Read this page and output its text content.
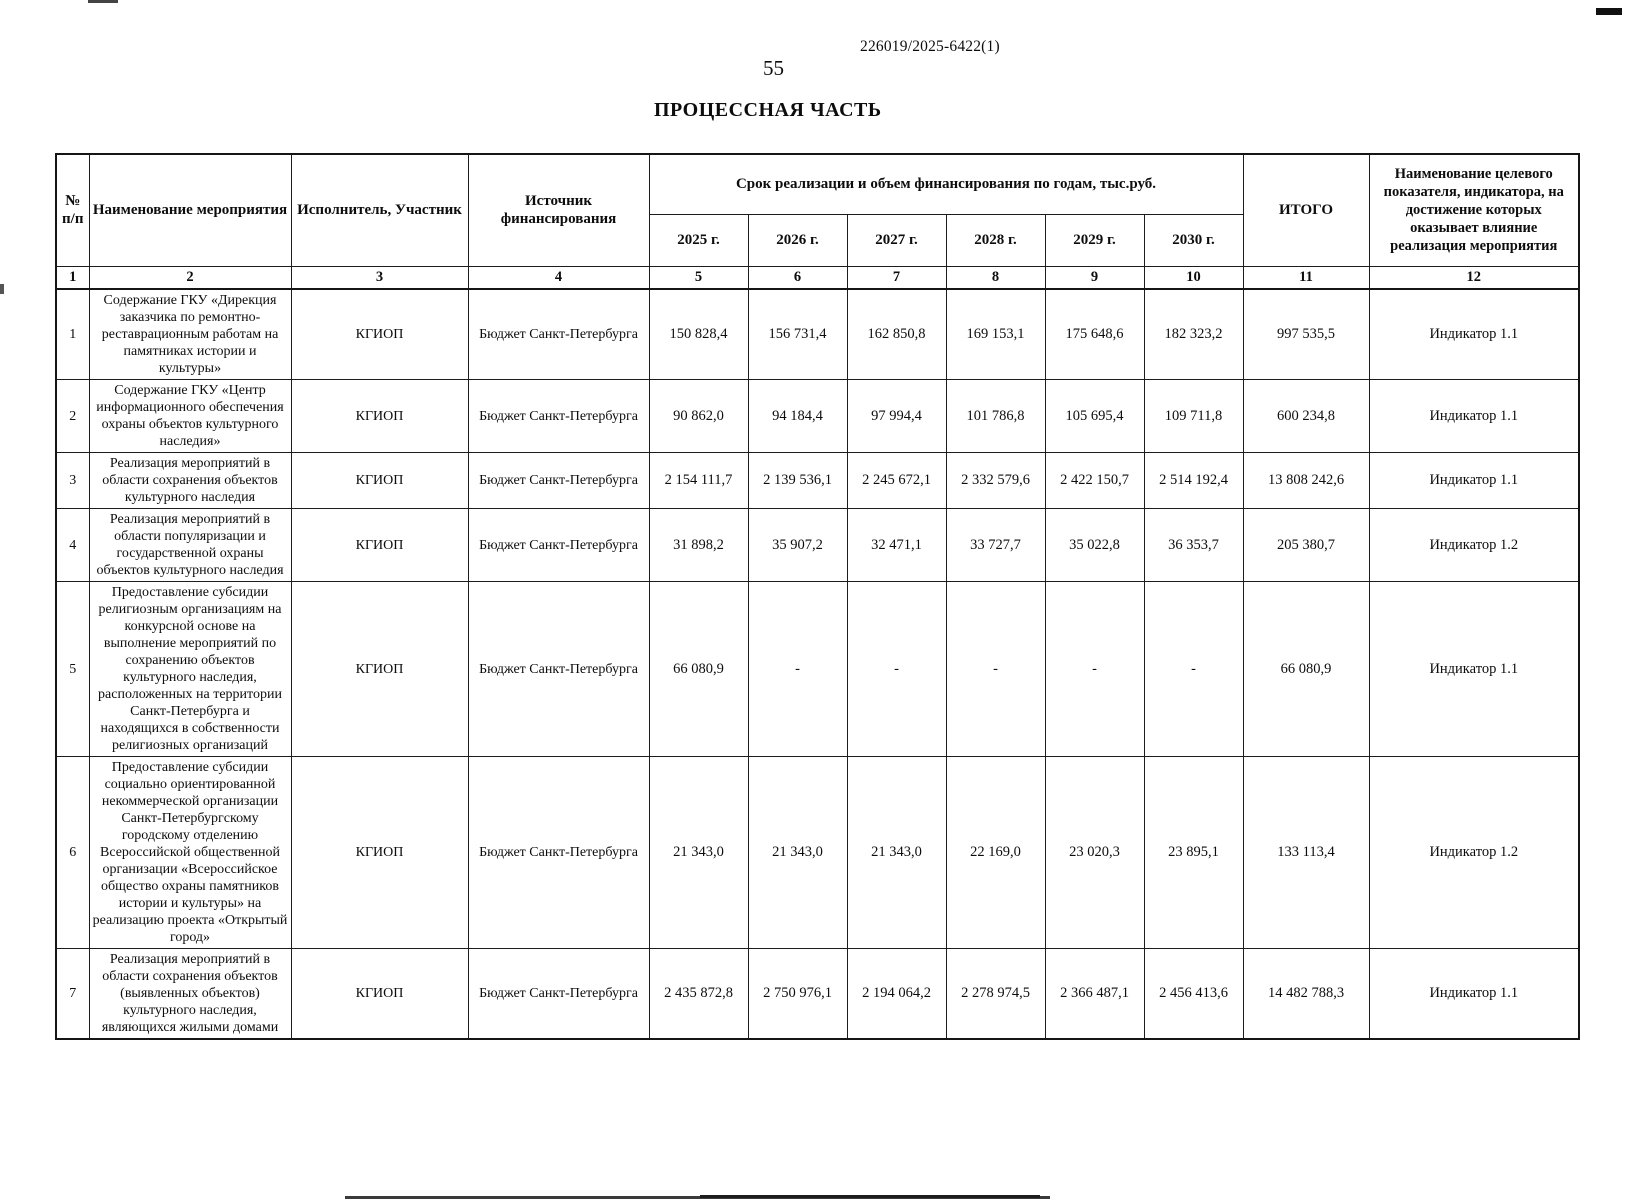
226019/2025-6422(1)
55
ПРОЦЕССНАЯ ЧАСТЬ
№ п/п	Наименование мероприятия	Исполнитель, Участник	Источник финансирования	Срок реализации и объем финансирования по годам, тыс.руб.						ИТОГО	Наименование целевого показателя, индикатора, на достижение которых оказывает влияние реализация мероприятия
				2025 г.	2026 г.	2027 г.	2028 г.	2029 г.	2030 г.		
1	2	3	4	5	6	7	8	9	10	11	12
1	Содержание ГКУ «Дирекция заказчика по ремонтно-реставрационным работам на памятниках истории и культуры»	КГИОП	Бюджет Санкт-Петербурга	150 828,4	156 731,4	162 850,8	169 153,1	175 648,6	182 323,2	997 535,5	Индикатор 1.1
2	Содержание ГКУ «Центр информационного обеспечения охраны объектов культурного наследия»	КГИОП	Бюджет Санкт-Петербурга	90 862,0	94 184,4	97 994,4	101 786,8	105 695,4	109 711,8	600 234,8	Индикатор 1.1
3	Реализация мероприятий в области сохранения объектов культурного наследия	КГИОП	Бюджет Санкт-Петербурга	2 154 111,7	2 139 536,1	2 245 672,1	2 332 579,6	2 422 150,7	2 514 192,4	13 808 242,6	Индикатор 1.1
4	Реализация мероприятий в области популяризации и государственной охраны объектов культурного наследия	КГИОП	Бюджет Санкт-Петербурга	31 898,2	35 907,2	32 471,1	33 727,7	35 022,8	36 353,7	205 380,7	Индикатор 1.2
5	Предоставление субсидии религиозным организациям на конкурсной основе на выполнение мероприятий по сохранению объектов культурного наследия, расположенных на территории Санкт-Петербурга и находящихся в собственности религиозных организаций	КГИОП	Бюджет Санкт-Петербурга	66 080,9	-	-	-	-	-	66 080,9	Индикатор 1.1
6	Предоставление субсидии социально ориентированной некоммерческой организации Санкт-Петербургскому городскому отделению Всероссийской общественной организации «Всероссийское общество охраны памятников истории и культуры» на реализацию проекта «Открытый город»	КГИОП	Бюджет Санкт-Петербурга	21 343,0	21 343,0	21 343,0	22 169,0	23 020,3	23 895,1	133 113,4	Индикатор 1.2
7	Реализация мероприятий в области сохранения объектов (выявленных объектов) культурного наследия, являющихся жилыми домами	КГИОП	Бюджет Санкт-Петербурга	2 435 872,8	2 750 976,1	2 194 064,2	2 278 974,5	2 366 487,1	2 456 413,6	14 482 788,3	Индикатор 1.1
